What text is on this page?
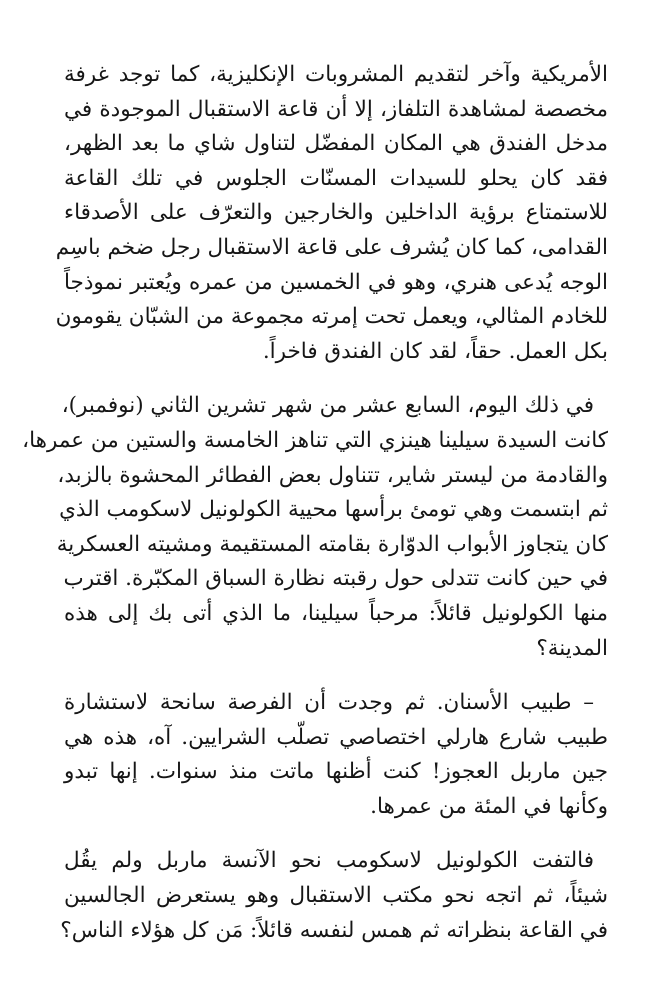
الأمريكية وآخر لتقديم المشروبات الإنكليزية، كما توجد غرفة
مخصصة لمشاهدة التلفاز، إلا أن قاعة الاستقبال الموجودة في
مدخل الفندق هي المكان المفضّل لتناول شاي ما بعد الظهر،
فقد كان يحلو للسيدات المسنّات الجلوس في تلك القاعة
للاستمتاع برؤية الداخلين والخارجين والتعرّف على الأصدقاء
القدامى، كما كان يُشرف على قاعة الاستقبال رجل ضخم باسِم
الوجه يُدعى هنري، وهو في الخمسين من عمره ويُعتبر نموذجاً
للخادم المثالي، ويعمل تحت إمرته مجموعة من الشبّان يقومون
بكل العمل. حقاً، لقد كان الفندق فاخراً.

في ذلك اليوم، السابع عشر من شهر تشرين الثاني (نوفمبر)،
كانت السيدة سيلينا هينزي التي تناهز الخامسة والستين من عمرها،
والقادمة من ليستر شاير، تتناول بعض الفطائر المحشوة بالزبد،
ثم ابتسمت وهي تومئ برأسها محيية الكولونيل لاسكومب الذي
كان يتجاوز الأبواب الدوّارة بقامته المستقيمة ومشيته العسكرية
في حين كانت تتدلى حول رقبته نظارة السباق المكبّرة. اقترب
منها الكولونيل قائلاً: مرحباً سيلينا، ما الذي أتى بك إلى هذه
المدينة؟

– طبيب الأسنان. ثم وجدت أن الفرصة سانحة لاستشارة
طبيب شارع هارلي اختصاصي تصلّب الشرايين. آه، هذه هي
جين ماربل العجوز! كنت أظنها ماتت منذ سنوات. إنها تبدو
وكأنها في المئة من عمرها.

فالتفت الكولونيل لاسكومب نحو الآنسة ماربل ولم يقُل
شيئاً، ثم اتجه نحو مكتب الاستقبال وهو يستعرض الجالسين
في القاعة بنظراته ثم همس لنفسه قائلاً: مَن كل هؤلاء الناس؟
